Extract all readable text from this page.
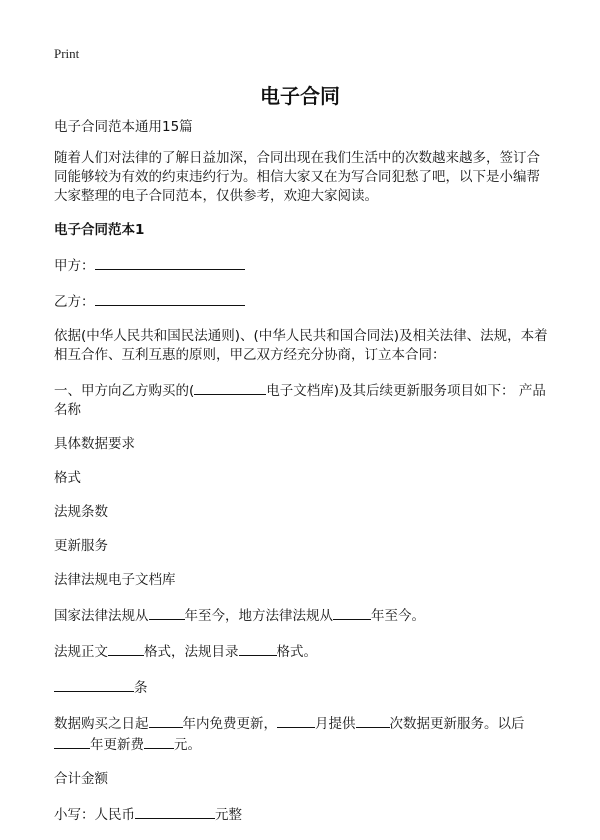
Print
电子合同

电子合同范本通用15篇

随着人们对法律的了解日益加深，合同出现在我们生活中的次数越来越多，签订合同能够较为有效的约束违约行为。相信大家又在为写合同犯愁了吧，以下是小编帮大家整理的电子合同范本，仅供参考，欢迎大家阅读。

电子合同范本1

甲方：

乙方：

依据(中华人民共和国民法通则)、(中华人民共和国合同法)及相关法律、法规，本着相互合作、互利互惠的原则，甲乙双方经充分协商，订立本合同：

一、甲方向乙方购买的(	电子文档库)及其后续更新服务项目如下： 产品名称

具体数据要求

格式

法规条数

更新服务

法律法规电子文档库

国家法律法规从	年至今，地方法律法规从	年至今。

法规正文	格式，法规目录	格式。

条

数据购买之日起	年内免费更新，	月提供	次数据更新服务。以后年更新费 元。

合计金额

小写：人民币	元整
